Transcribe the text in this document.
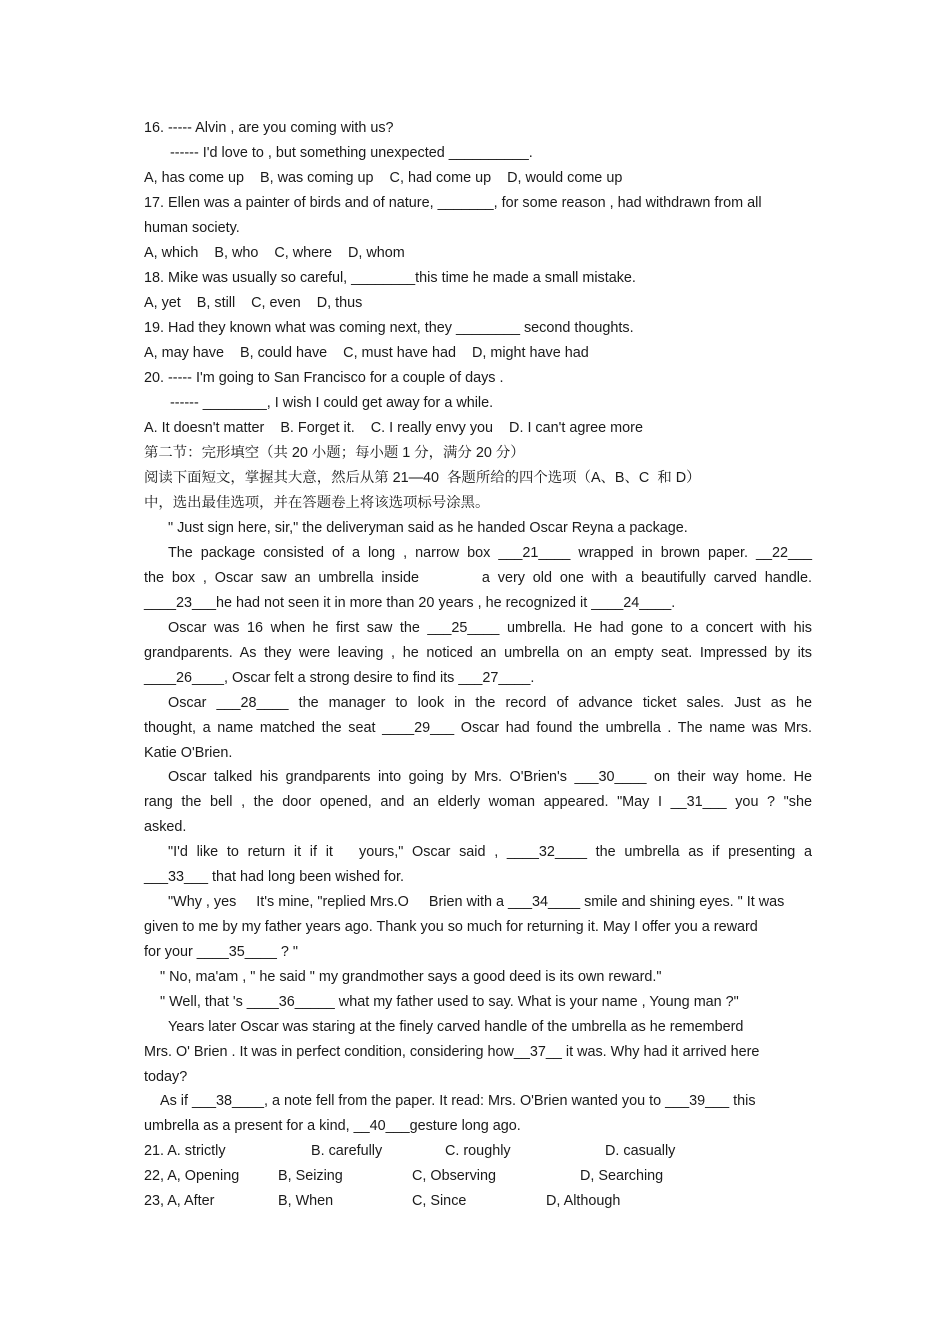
16. ----- Alvin , are you coming with us?
------ I'd love to , but something unexpected __________.
A, has come up    B, was coming up    C, had come up    D, would come up
17. Ellen was a painter of birds and of nature, _______, for some reason , had withdrawn from all
human society.
A, which    B, who    C, where    D, whom
18. Mike was usually so careful, ________this time he made a small mistake.
A, yet    B, still    C, even    D, thus
19. Had they known what was coming next, they ________ second thoughts.
A, may have    B, could have    C, must have had    D, might have had
20. ----- I'm going to San Francisco for a couple of days .
------ ________, I wish I could get away for a while.
A. It doesn't matter    B. Forget it.    C. I really envy you    D. I can't agree more
第二节：完形填空（共 20 小题；每小题 1 分，满分 20 分）
阅读下面短文，掌握其大意，然后从第 21—40  各题所给的四个选项（A、B、C  和 D）
中，选出最佳选项，并在答题卷上将该选项标号涂黑。
" Just sign here, sir," the deliveryman said as he handed Oscar Reyna a package.
The package consisted of a long , narrow box ___21____ wrapped in brown paper. __22___
the box , Oscar saw an umbrella inside        a very old one with a beautifully carved handle.
____23___he had not seen it in more than 20 years , he recognized it ____24____.
Oscar was 16 when he first saw the ___25____ umbrella. He had gone to a concert with his
grandparents. As they were leaving , he noticed an umbrella on an empty seat. Impressed by its
____26____, Oscar felt a strong desire to find its ___27____.
Oscar ___28____ the manager to look in the record of advance ticket sales. Just as he
thought, a name matched the seat ____29___ Oscar had found the umbrella . The name was Mrs.
Katie O'Brien.
Oscar talked his grandparents into going by Mrs. O'Brien's ___30____ on their way home. He
rang the bell , the door opened, and an elderly woman appeared. "May I __31___ you ? "she
asked.
"I'd like to return it if it   yours," Oscar said , ____32____ the umbrella as if presenting a
___33___ that had long been wished for.
"Why , yes     It's mine, "replied Mrs.O     Brien with a ___34____ smile and shining eyes. " It was
given to me by my father years ago. Thank you so much for returning it. May I offer you a reward
for your ____35____ ? "
" No, ma'am , " he said " my grandmother says a good deed is its own reward."
" Well, that 's ____36_____ what my father used to say. What is your name , Young man ?"
Years later Oscar was staring at the finely carved handle of the umbrella as he rememberd
Mrs. O' Brien . It was in perfect condition, considering how__37__ it was. Why had it arrived here
today?
As if ___38____, a note fell from the paper. It read: Mrs. O'Brien wanted you to ___39___ this
umbrella as a present for a kind, __40___gesture long ago.
21. A. strictly	B. carefully	C. roughly	D. casually
22, A, Opening	B, Seizing	C, Observing	D, Searching
23, A, After	B, When	C, Since	D, Although
